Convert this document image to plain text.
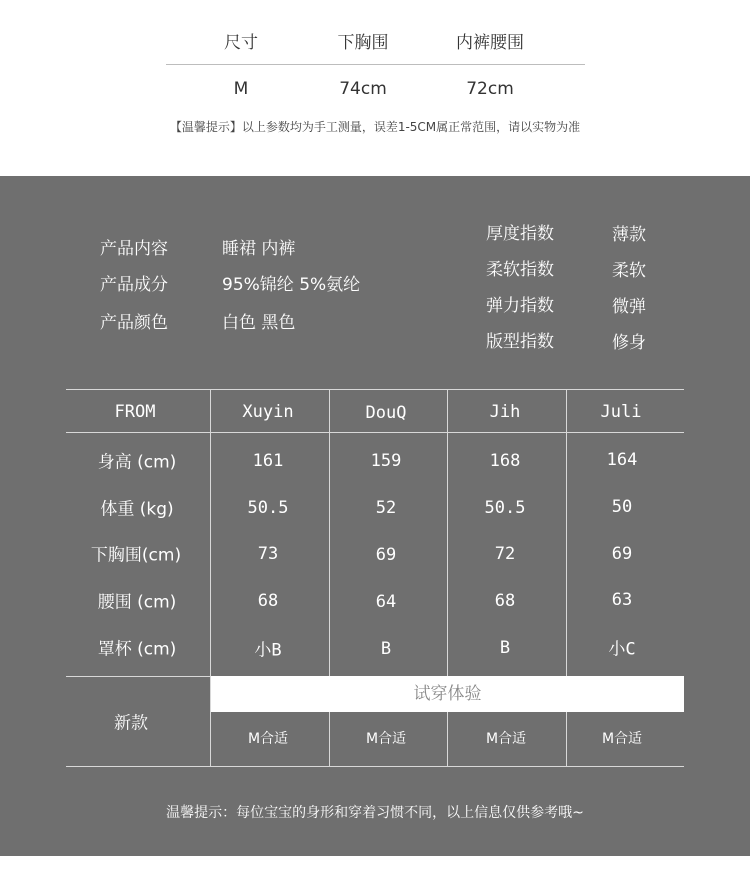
尺寸	下胸围	内裤腰围
M	74cm	72cm
【温馨提示】以上参数均为手工测量，误差1-5CM属正常范围，请以实物为准
产品内容	睡裙 内裤
产品成分	95%锦纶 5%氨纶
产品颜色	白色 黑色
厚度指数	薄款
柔软指数	柔软
弹力指数	微弹
版型指数	修身
FROM	Xuyin	DouQ	Jih	Juli
身高 (cm)	161	159	168	164
体重 (kg)	50.5	52	50.5	50
下胸围(cm)	73	69	72	69
腰围 (cm)	68	64	68	63
罩杯 (cm)	小B	B	B	小C
新款
试穿体验
M合适	M合适	M合适	M合适
温馨提示：每位宝宝的身形和穿着习惯不同，以上信息仅供参考哦~
